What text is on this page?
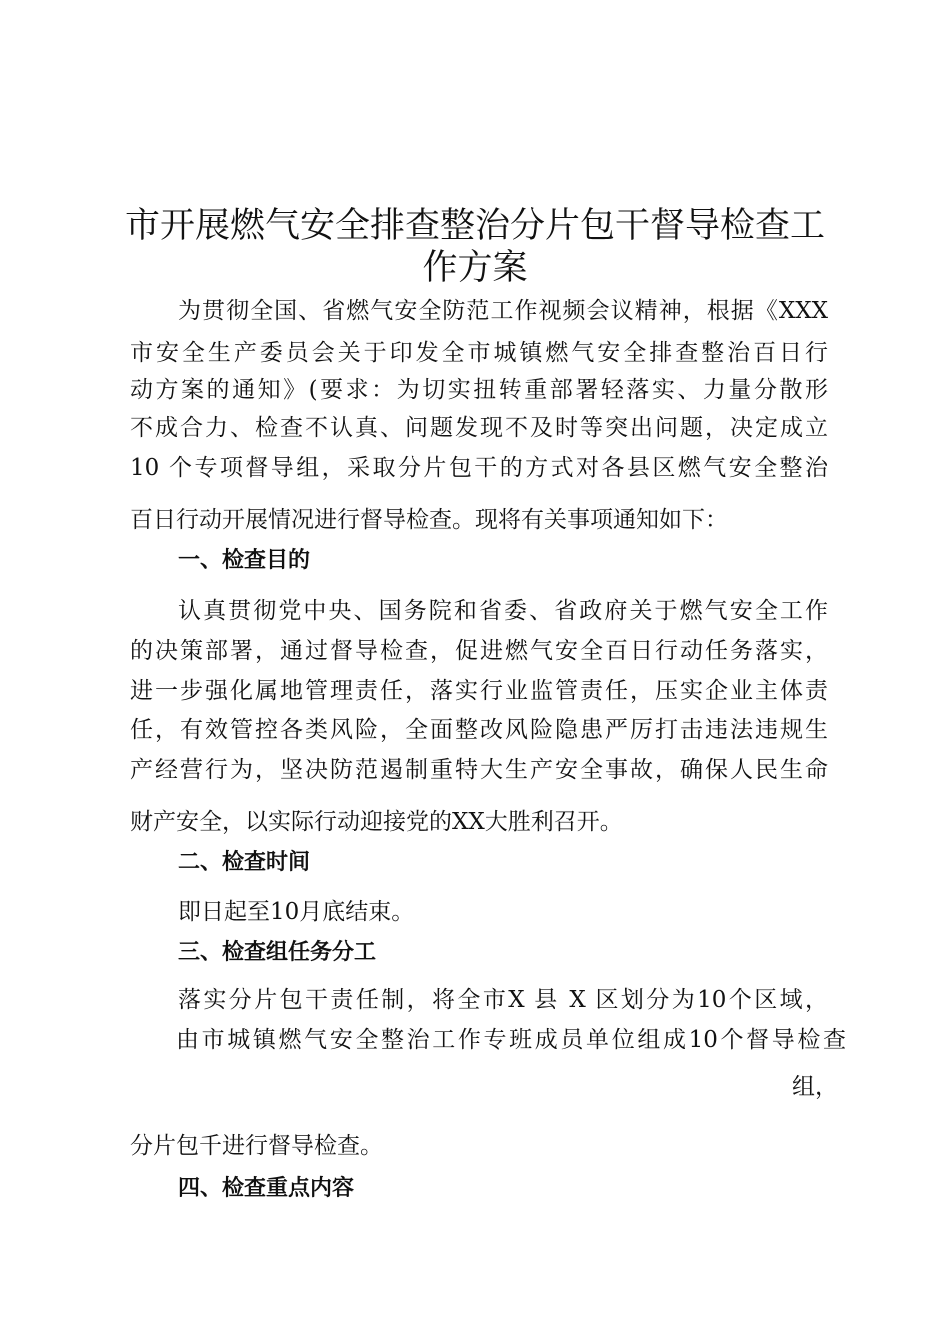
市开展燃气安全排查整治分片包干督导检查工
作方案
为贯彻全国、省燃气安全防范工作视频会议精神，根据《XXX
市安全生产委员会关于印发全市城镇燃气安全排查整治百日行
动方案的通知》(要求：为切实扭转重部署轻落实、力量分散形
不成合力、检查不认真、问题发现不及时等突出问题，决定成立
10 个专项督导组，采取分片包干的方式对各县区燃气安全整治
百日行动开展情况进行督导检查。现将有关事项通知如下：
一、检查目的
认真贯彻党中央、国务院和省委、省政府关于燃气安全工作
的决策部署，通过督导检查，促进燃气安全百日行动任务落实，
进一步强化属地管理责任，落实行业监管责任，压实企业主体责
任，有效管控各类风险，全面整改风险隐患严厉打击违法违规生
产经营行为，坚决防范遏制重特大生产安全事故，确保人民生命
财产安全，以实际行动迎接党的XX大胜利召开。
二、检查时间
即日起至10月底结束。
三、检查组任务分工
落实分片包干责任制，将全市X 县 X 区划分为10个区域，
由市城镇燃气安全整治工作专班成员单位组成10个督导检查
组，
分片包千进行督导检查。
四、检查重点内容
